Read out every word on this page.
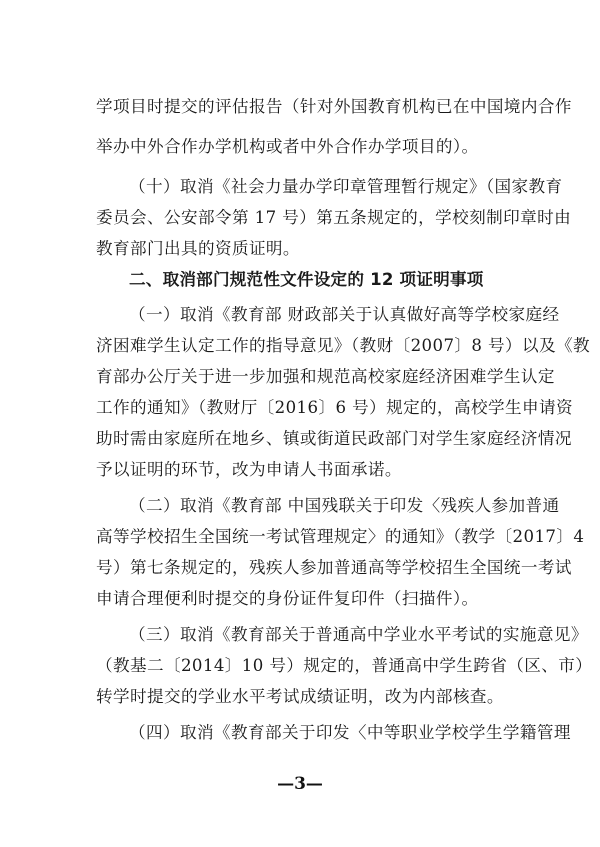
学项目时提交的评估报告（针对外国教育机构已在中国境内合作
举办中外合作办学机构或者中外合作办学项目的）。
（十）取消《社会力量办学印章管理暂行规定》（国家教育
委员会、公安部令第 17 号）第五条规定的，学校刻制印章时由
教育部门出具的资质证明。
二、取消部门规范性文件设定的 12 项证明事项
（一）取消《教育部 财政部关于认真做好高等学校家庭经
济困难学生认定工作的指导意见》（教财〔2007〕8 号）以及《教
育部办公厅关于进一步加强和规范高校家庭经济困难学生认定
工作的通知》（教财厅〔2016〕6 号）规定的，高校学生申请资
助时需由家庭所在地乡、镇或街道民政部门对学生家庭经济情况
予以证明的环节，改为申请人书面承诺。
（二）取消《教育部 中国残联关于印发〈残疾人参加普通
高等学校招生全国统一考试管理规定〉的通知》（教学〔2017〕4
号）第七条规定的，残疾人参加普通高等学校招生全国统一考试
申请合理便利时提交的身份证件复印件（扫描件）。
（三）取消《教育部关于普通高中学业水平考试的实施意见》
（教基二〔2014〕10 号）规定的，普通高中学生跨省（区、市）
转学时提交的学业水平考试成绩证明，改为内部核查。
（四）取消《教育部关于印发〈中等职业学校学生学籍管理
—3—
